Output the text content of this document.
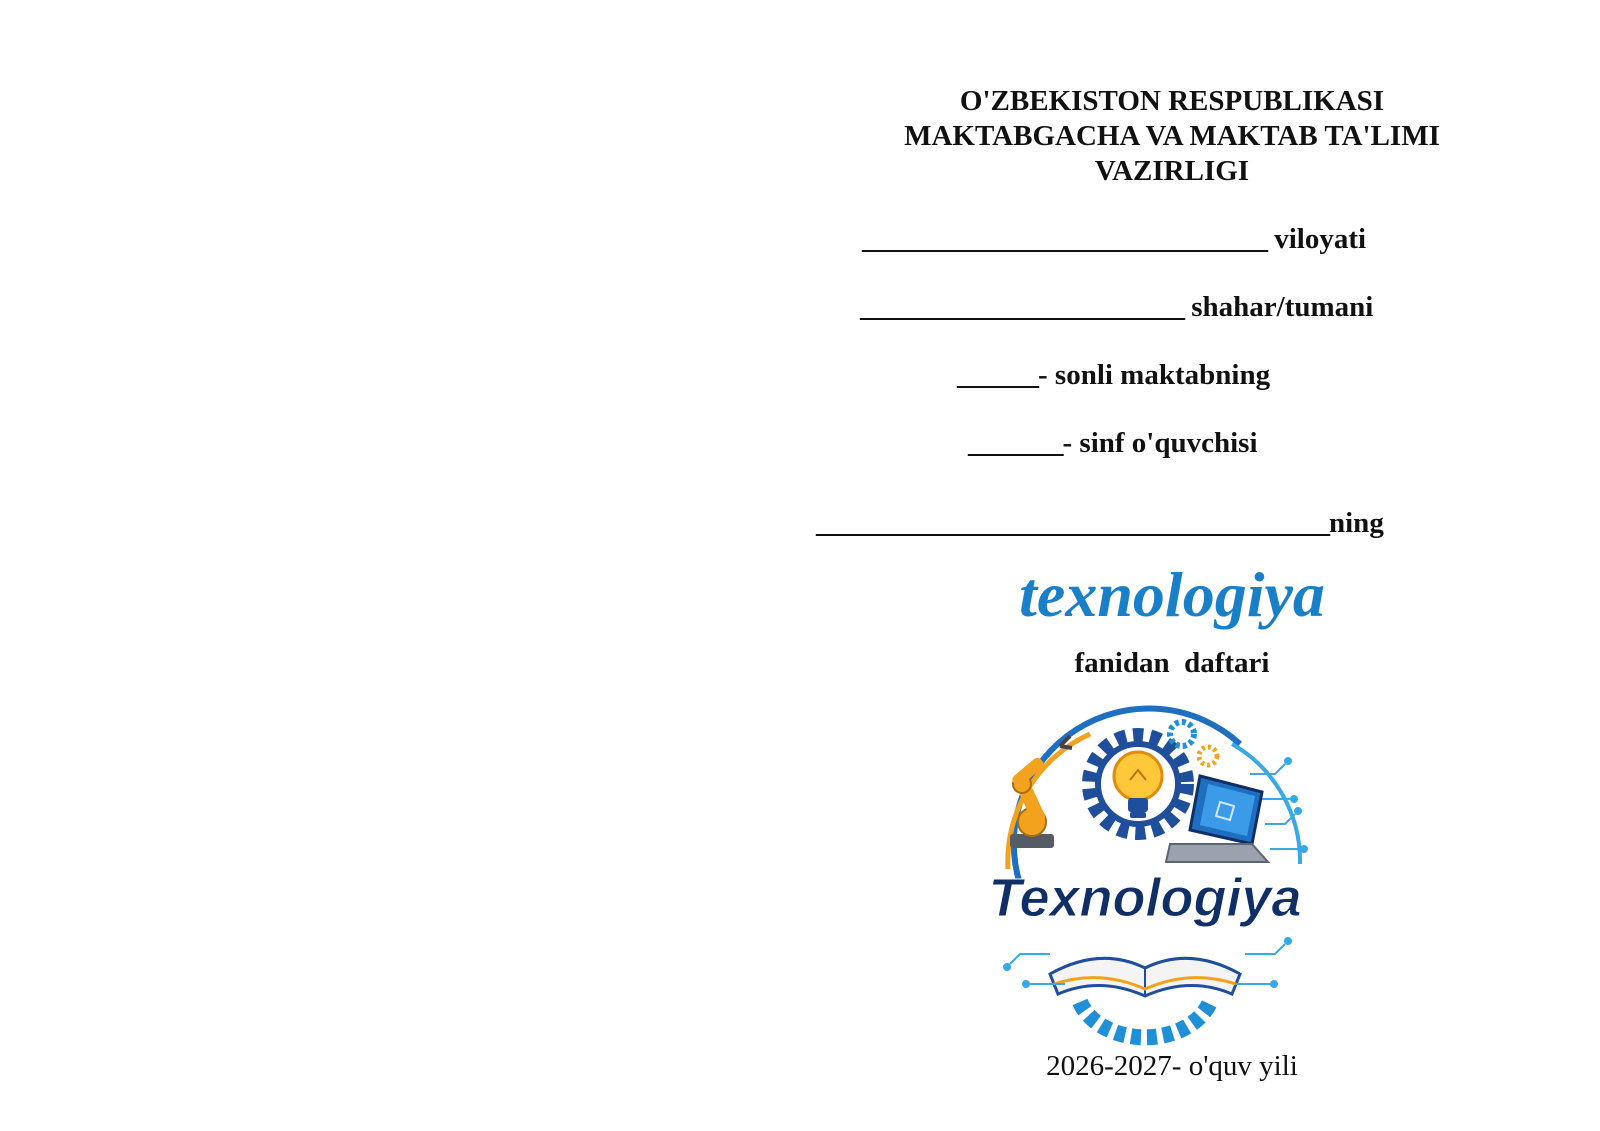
O'ZBEKISTON RESPUBLIKASI
MAKTABGACHA VA MAKTAB TA'LIMI
VAZIRLIGI
______________________________ viloyati
________________________ shahar/tumani
______- sonli maktabning
_______- sinf o'quvchisi
______________________________________ning
texnologiya
fanidan  daftari
Texnologiya
2026-2027- o'quv yili
